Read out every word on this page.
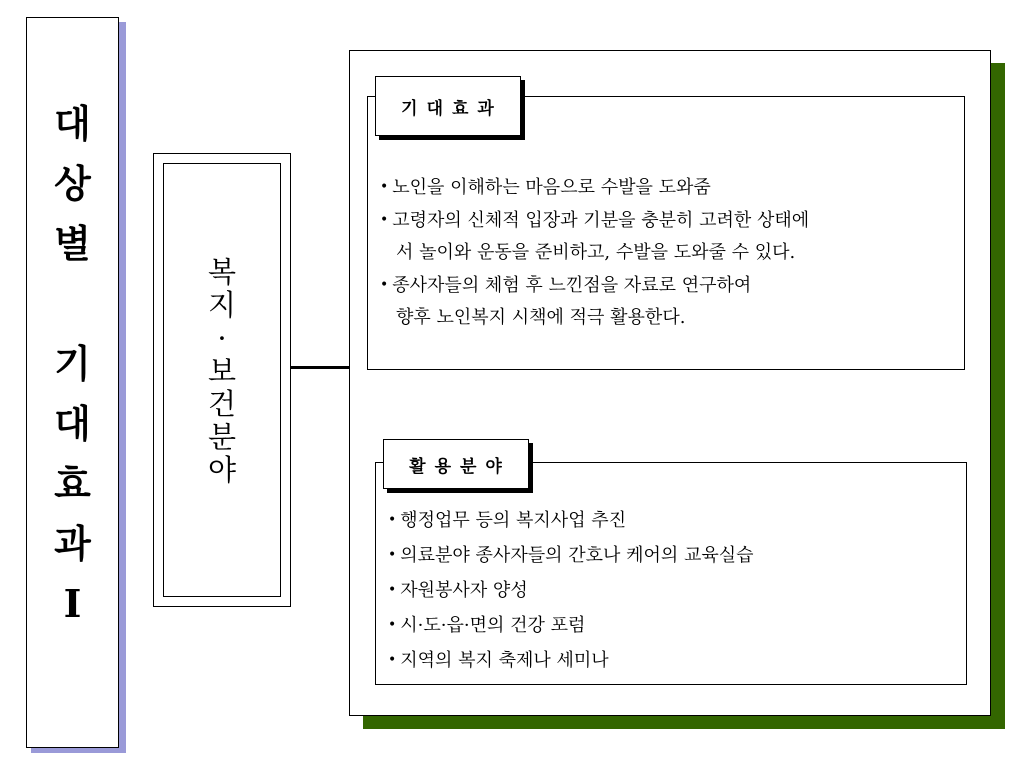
대
상
별

기
대
효
과
Ⅰ
복
지
·
보
건
분
야
기대효과
• 노인을 이해하는 마음으로 수발을 도와줌
• 고령자의 신체적 입장과 기분을 충분히 고려한 상태에
서 놀이와 운동을 준비하고, 수발을 도와줄 수 있다.
• 종사자들의 체험 후 느낀점을 자료로 연구하여
향후 노인복지 시책에 적극 활용한다.
활용분야
• 행정업무 등의 복지사업 추진
• 의료분야 종사자들의 간호나 케어의 교육실습
• 자원봉사자 양성
• 시·도·읍·면의 건강 포럼
• 지역의 복지 축제나 세미나
